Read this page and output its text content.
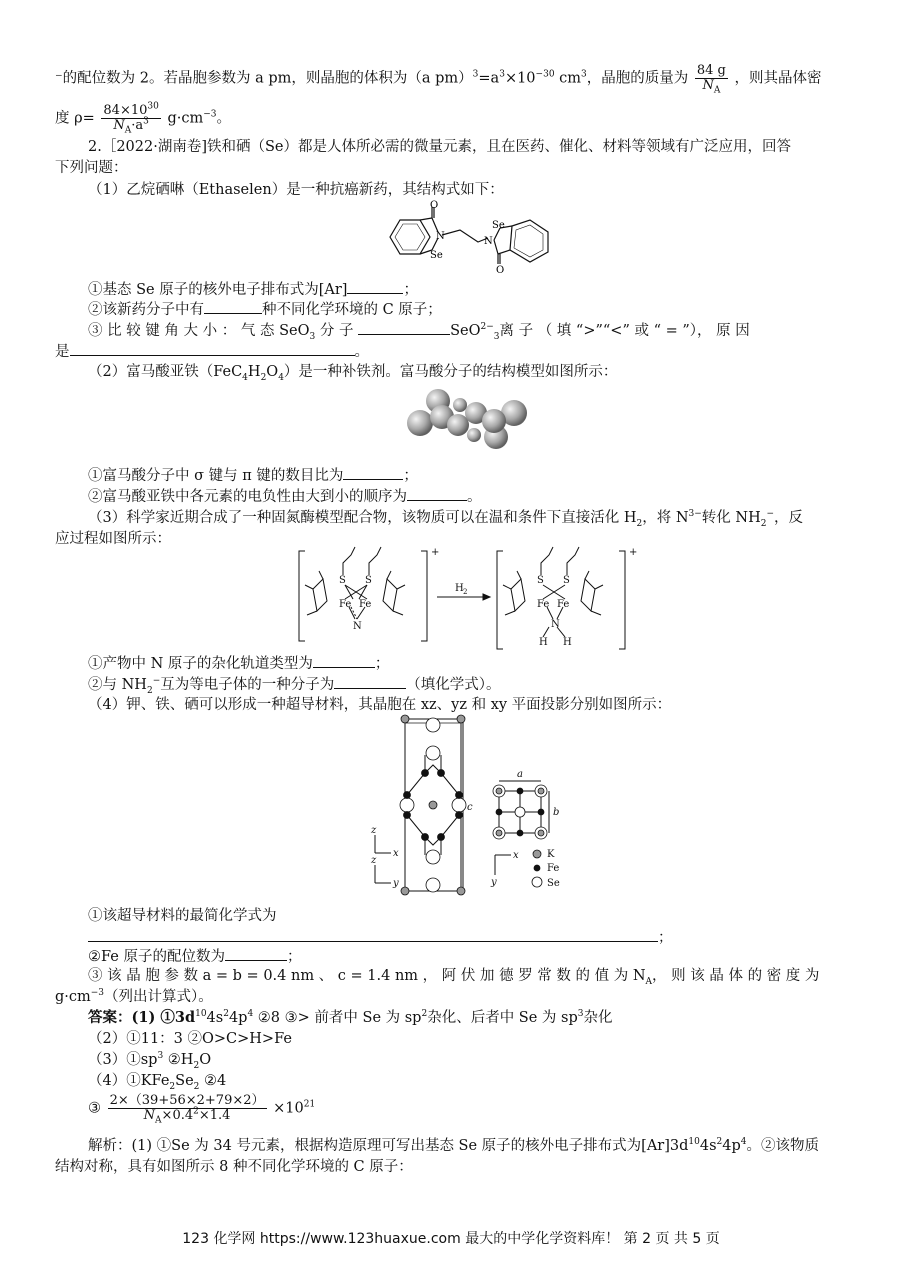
⁻的配位数为 2。若晶胞参数为 a pm，则晶胞的体积为（a $pm)^3=a^3\times 10^{-30}$ $cm^3$，晶胞的质量为 $\frac{84 g}{N_A}$ ，则其晶体密
度 $\rho= \frac{84\times 10^{30}}{N_A\cdot a^3} g\cdot cm^{-3}$。
2.［2022·湖南卷]铁和硒（Se）都是人体所必需的微量元素，且在医药、催化、材料等领域有广泛应用，回答
下列问题：
（1）乙烷硒啉（Ethaselen）是一种抗癌新药，其结构式如下：
O
N
Se
Se
N
O
①基态 Se 原子的核外电子排布式为[Ar]	；
②该新药分子中有	种不同化学环境的 C 原子；
③ 比 较 键 角 大 小 ： 气 态 SeO$_3$ 分 子	SeO$^{2-}_3$离 子 （ 填 “>”“<” 或 “ = ”）， 原 因
是	。
（2）富马酸亚铁$(FeC_4H_2O_4)$是一种补铁剂。富马酸分子的结构模型如图所示：
①富马酸分子中 σ 键与 π 键的数目比为	；
②富马酸亚铁中各元素的电负性由大到小的顺序为	。
（3）科学家近期合成了一种固氮酶模型配合物，该物质可以在温和条件下直接活化 $H_2$，将 $N^{3-}$转化 $NH_2^-$，反
应过程如图所示：
S S
Fe Fe
N
+
H 2
S S
Fe Fe
N
H H
+
①产物中 N 原子的杂化轨道类型为	；
②与 $NH_2^-$互为等电子体的一种分子为	（填化学式）。
（4）钾、铁、硒可以形成一种超导材料，其晶胞在 xz、yz 和 xy 平面投影分别如图所示：
z
x
z
y	y
x
a
b
c
K
Fe
Se
①该超导材料的最简化学式为
；
②Fe 原子的配位数为	；
③ 该 晶 胞 参 数 a = b = 0.4 nm 、 c = 1.4 nm ， 阿 伏 加 德 罗 常 数 的 值 为 $N_A$， 则 该 晶 体 的 密 度 为
$g\cdot cm^{-3}$（列出计算式）。
答案：(1) $①3d^{10}4s^24p^4$ ②8 ③> 前者中 Se 为 $sp^2$杂化、后者中 Se 为 $sp^3$杂化
（2）①11：3 ②O>C>H>Fe
$(3)①sp^3$ $②H_2O$
$(4)①KFe_2Se_2$ ②4
③ $\frac{2\times(39+56\times 2+79\times 2)}{N_A\times 0.4^2\times 1.4} \times 10^{21}$
解析：(1) ①Se 为 34 号元素，根据构造原理可写出基态 Se 原子的核外电子排布式为$[Ar]3d^{10}4s^24p^4$。②该物质
结构对称，具有如图所示 8 种不同化学环境的 C 原子：
123 化学网 https://www.123huaxue.com 最大的中学化学资料库！ 第 2 页 共 5 页
